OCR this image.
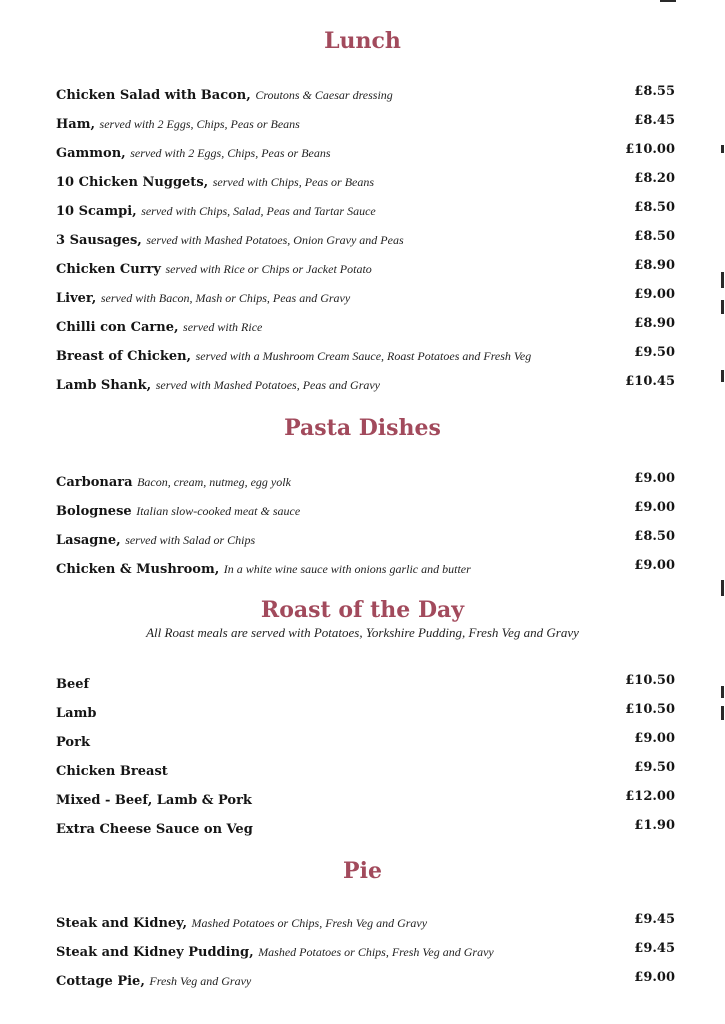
Lunch
Chicken Salad with Bacon, Croutons & Caesar dressing	£8.55
Ham, served with 2 Eggs, Chips, Peas or Beans	£8.45
Gammon, served with 2 Eggs, Chips, Peas or Beans	£10.00
10 Chicken Nuggets, served with Chips, Peas or Beans	£8.20
10 Scampi, served with Chips, Salad, Peas and Tartar Sauce	£8.50
3 Sausages, served with Mashed Potatoes, Onion Gravy and Peas	£8.50
Chicken Curry served with Rice or Chips or Jacket Potato	£8.90
Liver, served with Bacon, Mash or Chips, Peas and Gravy	£9.00
Chilli con Carne, served with Rice	£8.90
Breast of Chicken, served with a Mushroom Cream Sauce, Roast Potatoes and Fresh Veg	£9.50
Lamb Shank, served with Mashed Potatoes, Peas and Gravy	£10.45
Pasta Dishes
Carbonara Bacon, cream, nutmeg, egg yolk	£9.00
Bolognese Italian slow-cooked meat & sauce	£9.00
Lasagne, served with Salad or Chips	£8.50
Chicken & Mushroom, In a white wine sauce with onions garlic and butter	£9.00
Roast of the Day
All Roast meals are served with Potatoes, Yorkshire Pudding, Fresh Veg and Gravy
Beef	£10.50
Lamb	£10.50
Pork	£9.00
Chicken Breast	£9.50
Mixed - Beef, Lamb & Pork	£12.00
Extra Cheese Sauce on Veg	£1.90
Pie
Steak and Kidney, Mashed Potatoes or Chips, Fresh Veg and Gravy	£9.45
Steak and Kidney Pudding, Mashed Potatoes or Chips, Fresh Veg and Gravy	£9.45
Cottage Pie, Fresh Veg and Gravy	£9.00
